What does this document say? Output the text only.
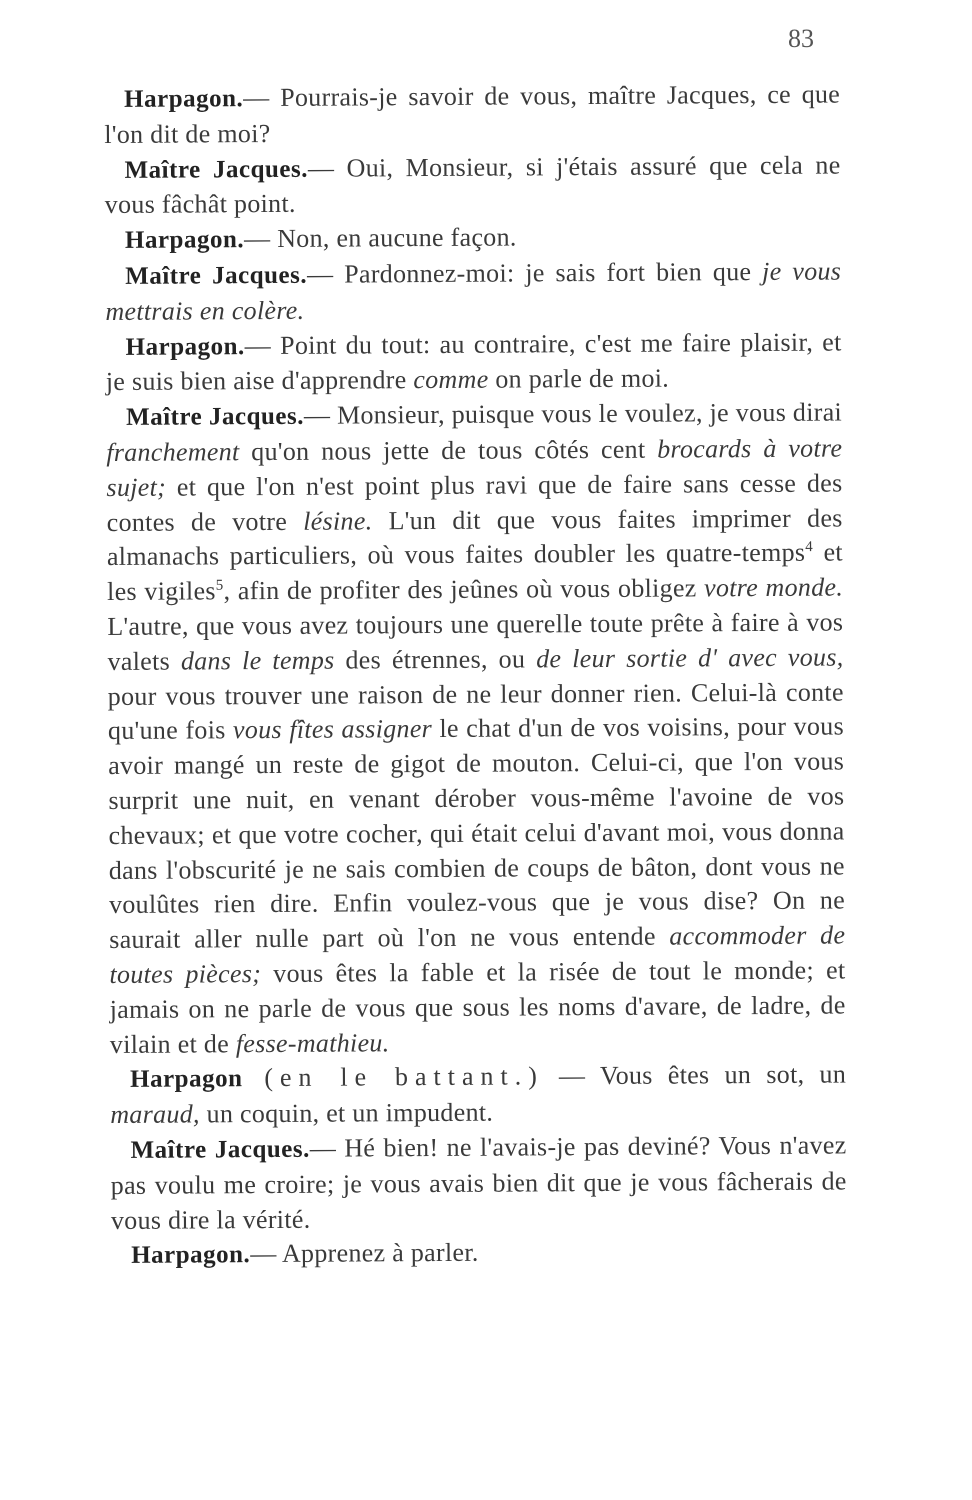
83

Harpagon.— Pourrais-je savoir de vous, maître Jacques, ce que l'on dit de moi?

Maître Jacques.— Oui, Monsieur, si j'étais assuré que cela ne vous fâchât point.

Harpagon.— Non, en aucune façon.

Maître Jacques.— Pardonnez-moi: je sais fort bien que je vous mettrais en colère.

Harpagon.— Point du tout: au contraire, c'est me faire plaisir, et je suis bien aise d'apprendre comme on parle de moi.

Maître Jacques.— Monsieur, puisque vous le voulez, je vous dirai franchement qu'on nous jette de tous côtés cent brocards à votre sujet; et que l'on n'est point plus ravi que de faire sans cesse des contes de votre lésine. L'un dit que vous faites imprimer des almanachs particuliers, où vous faites doubler les quatre-temps$^4$ et les vigiles$^5$, afin de profiter des jeûnes où vous obligez votre monde. L'autre, que vous avez toujours une querelle toute prête à faire à vos valets dans le temps des étrennes, ou de leur sortie d' avec vous, pour vous trouver une raison de ne leur donner rien. Celui-là conte qu'une fois vous fîtes assigner le chat d'un de vos voisins, pour vous avoir mangé un reste de gigot de mouton. Celui-ci, que l'on vous surprit une nuit, en venant dérober vous-même l'avoine de vos chevaux; et que votre cocher, qui était celui d'avant moi, vous donna dans l'obscurité je ne sais combien de coups de bâton, dont vous ne voulûtes rien dire. Enfin voulez-vous que je vous dise? On ne saurait aller nulle part où l'on ne vous entende accommoder de toutes pièces; vous êtes la fable et la risée de tout le monde; et jamais on ne parle de vous que sous les noms d'avare, de ladre, de vilain et de fesse-mathieu.

Harpagon (en le battant.) — Vous êtes un sot, un maraud, un coquin, et un impudent.

Maître Jacques.— Hé bien! ne l'avais-je pas deviné? Vous n'avez pas voulu me croire; je vous avais bien dit que je vous fâcherais de vous dire la vérité.

Harpagon.— Apprenez à parler.
